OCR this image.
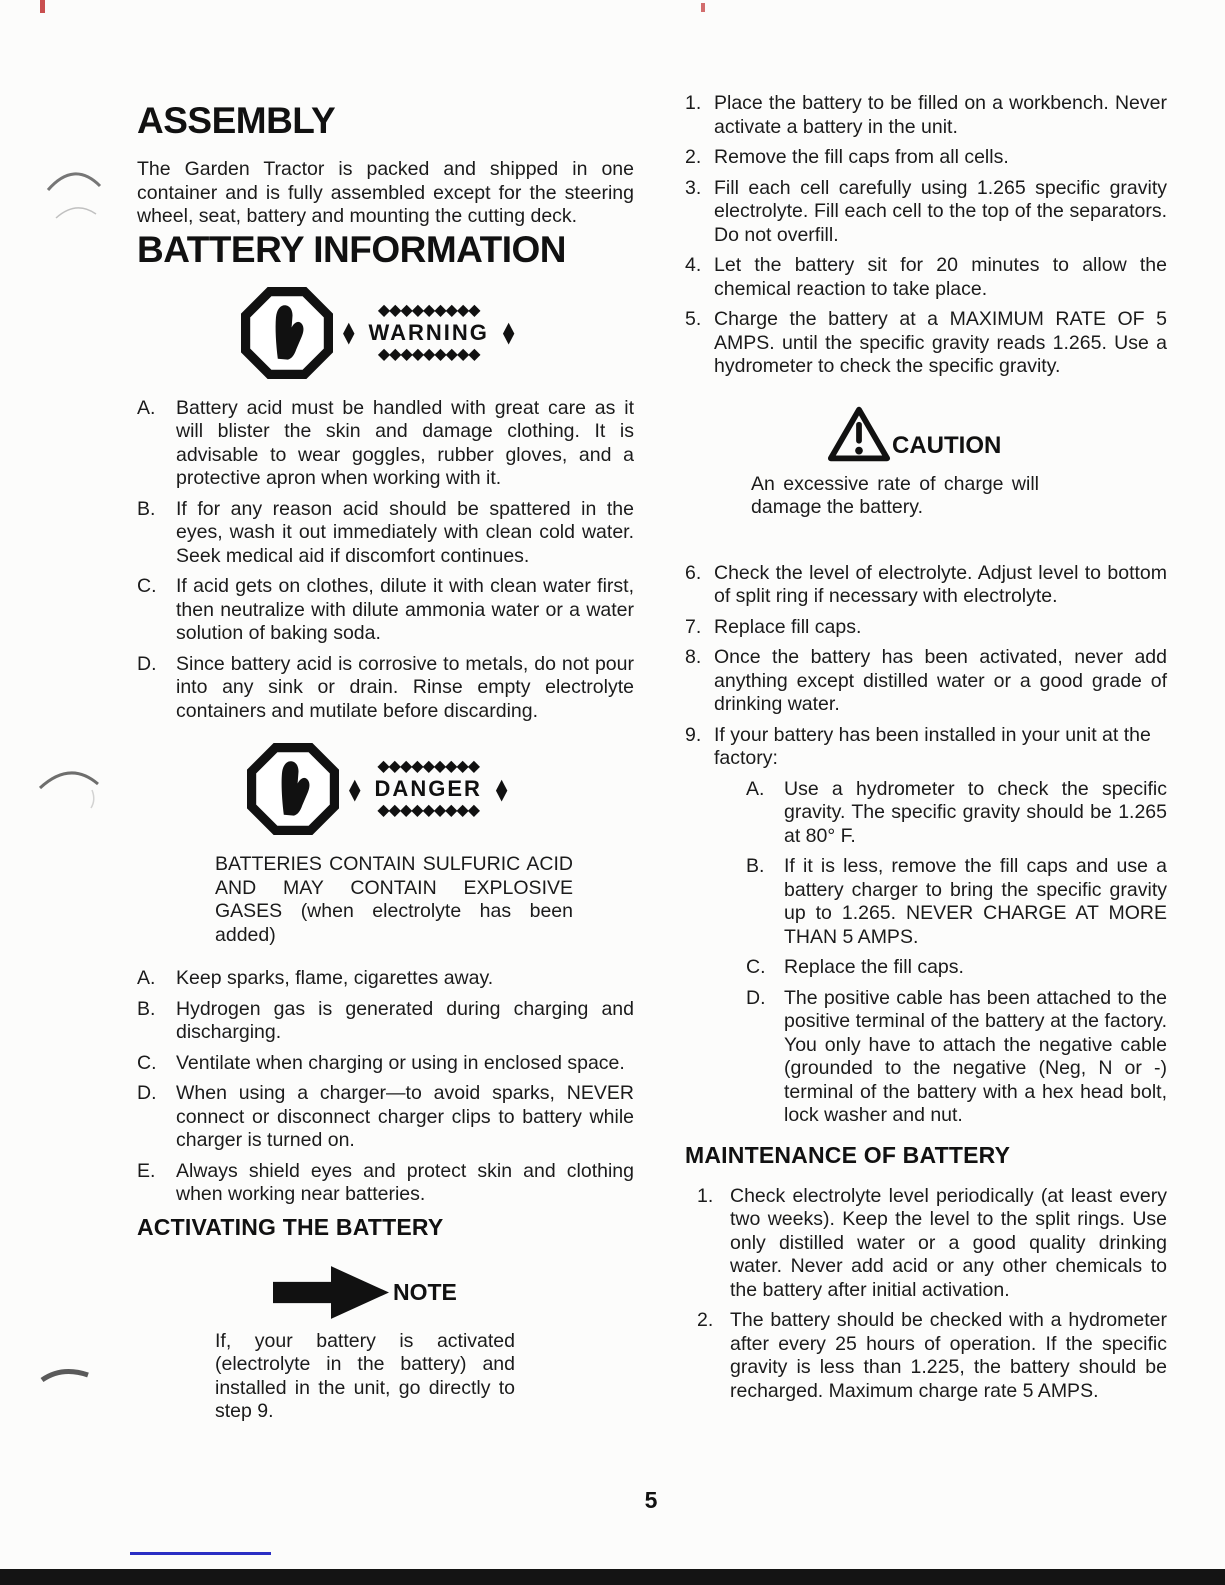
ASSEMBLY

The Garden Tractor is packed and shipped in one container and is fully assembled except for the steering wheel, seat, battery and mounting the cutting deck.

BATTERY INFORMATION
◆◆◆◆◆◆◆◆◆
◆ WARNING ◆
◆◆◆◆◆◆◆◆◆
A.	Battery acid must be handled with great care as it will blister the skin and damage clothing. It is advisable to wear goggles, rubber gloves, and a protective apron when working with it.
B.	If for any reason acid should be spattered in the eyes, wash it out immediately with clean cold water. Seek medical aid if discomfort continues.
C.	If acid gets on clothes, dilute it with clean water first, then neutralize with dilute ammonia water or a water solution of baking soda.
D.	Since battery acid is corrosive to metals, do not pour into any sink or drain. Rinse empty electrolyte containers and mutilate before discarding.
◆◆◆◆◆◆◆◆◆
◆ DANGER ◆
◆◆◆◆◆◆◆◆◆

BATTERIES CONTAIN SULFURIC ACID AND MAY CONTAIN EXPLOSIVE GASES (when electrolyte has been added)

A.	Keep sparks, flame, cigarettes away.
B.	Hydrogen gas is generated during charging and discharging.
C.	Ventilate when charging or using in enclosed space.
D.	When using a charger—to avoid sparks, NEVER connect or disconnect charger clips to battery while charger is turned on.
E.	Always shield eyes and protect skin and clothing when working near batteries.
ACTIVATING THE BATTERY
NOTE

If, your battery is activated (electrolyte in the battery) and installed in the unit, go directly to step 9.

1. Place the battery to be filled on a workbench. Never activate a battery in the unit.
2. Remove the fill caps from all cells.
3. Fill each cell carefully using 1.265 specific gravity electrolyte. Fill each cell to the top of the separators. Do not overfill.
4. Let the battery sit for 20 minutes to allow the chemical reaction to take place.
5. Charge the battery at a MAXIMUM RATE OF 5 AMPS. until the specific gravity reads 1.265. Use a hydrometer to check the specific gravity.
CAUTION

An excessive rate of charge will damage the battery.

6. Check the level of electrolyte. Adjust level to bottom of split ring if necessary with electrolyte.
7. Replace fill caps.
8. Once the battery has been activated, never add anything except distilled water or a good grade of drinking water.
9. If your battery has been installed in your unit at the factory:
A.	Use a hydrometer to check the specific gravity. The specific gravity should be 1.265 at 80° F.
B.	If it is less, remove the fill caps and use a battery charger to bring the specific gravity up to 1.265. NEVER CHARGE AT MORE THAN 5 AMPS.
C. Replace the fill caps.
D. The positive cable has been attached to the positive terminal of the battery at the factory. You only have to attach the negative cable (grounded to the negative (Neg, N or -) terminal of the battery with a hex head bolt, lock washer and nut.
MAINTENANCE OF BATTERY
1. Check electrolyte level periodically (at least every two weeks). Keep the level to the split rings. Use only distilled water or a good quality drinking water. Never add acid or any other chemicals to the battery after initial activation.
2. The battery should be checked with a hydrometer after every 25 hours of operation. If the specific gravity is less than 1.225, the battery should be recharged. Maximum charge rate 5 AMPS.
5
